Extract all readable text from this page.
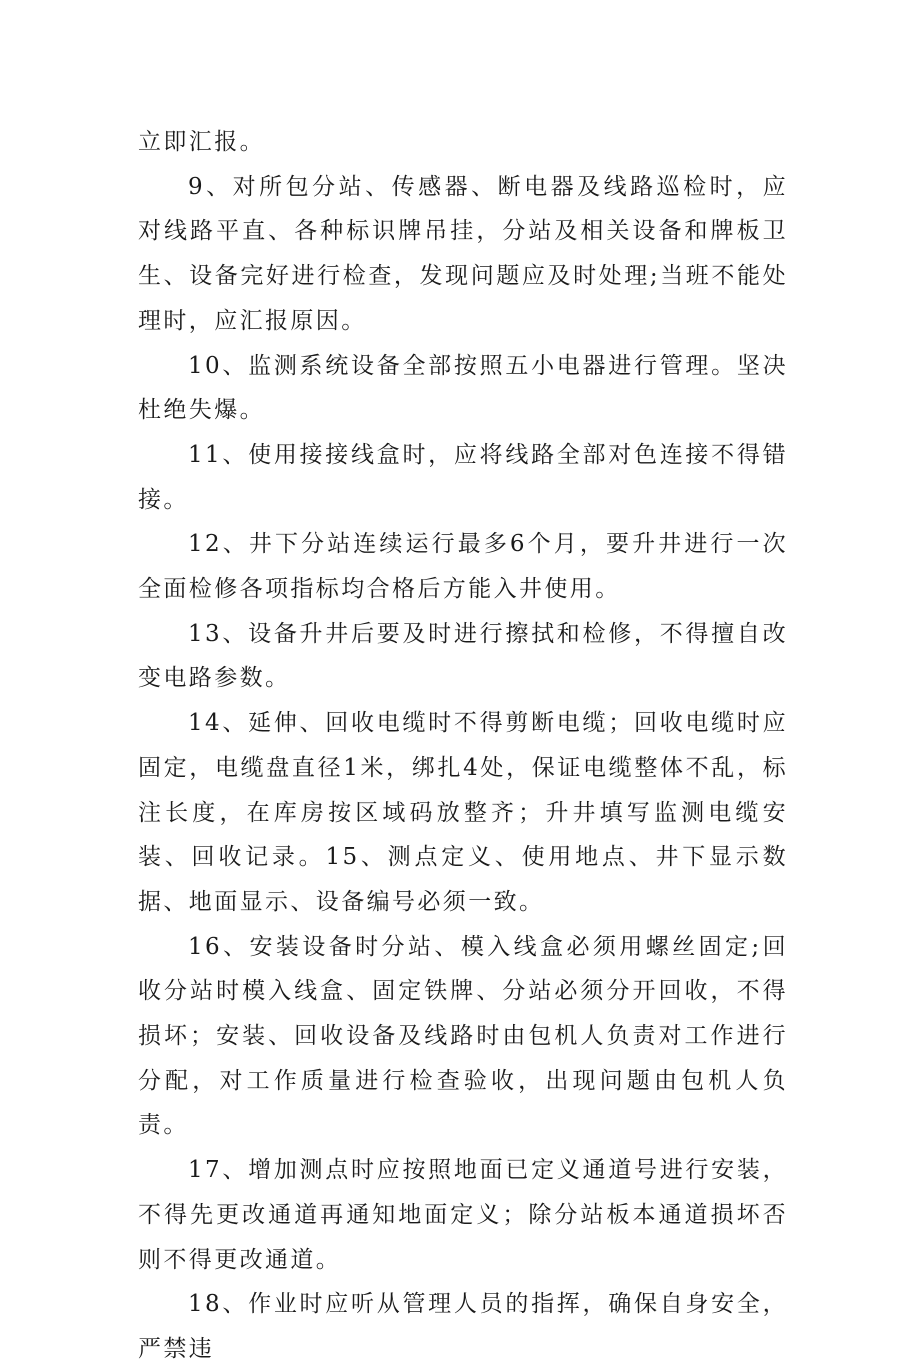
立即汇报。

9、对所包分站、传感器、断电器及线路巡检时，应对线路平直、各种标识牌吊挂，分站及相关设备和牌板卫生、设备完好进行检查，发现问题应及时处理;当班不能处理时，应汇报原因。

10、监测系统设备全部按照五小电器进行管理。坚决杜绝失爆。

11、使用接接线盒时，应将线路全部对色连接不得错接。

12、井下分站连续运行最多6个月，要升井进行一次全面检修各项指标均合格后方能入井使用。

13、设备升井后要及时进行擦拭和检修，不得擅自改变电路参数。

14、延伸、回收电缆时不得剪断电缆；回收电缆时应固定，电缆盘直径1米，绑扎4处，保证电缆整体不乱，标注长度，在库房按区域码放整齐；升井填写监测电缆安装、回收记录。15、测点定义、使用地点、井下显示数据、地面显示、设备编号必须一致。

16、安装设备时分站、模入线盒必须用螺丝固定;回收分站时模入线盒、固定铁牌、分站必须分开回收，不得损坏；安装、回收设备及线路时由包机人负责对工作进行分配，对工作质量进行检查验收，出现问题由包机人负责。

17、增加测点时应按照地面已定义通道号进行安装，不得先更改通道再通知地面定义；除分站板本通道损坏否则不得更改通道。

18、作业时应听从管理人员的指挥，确保自身安全，严禁违
